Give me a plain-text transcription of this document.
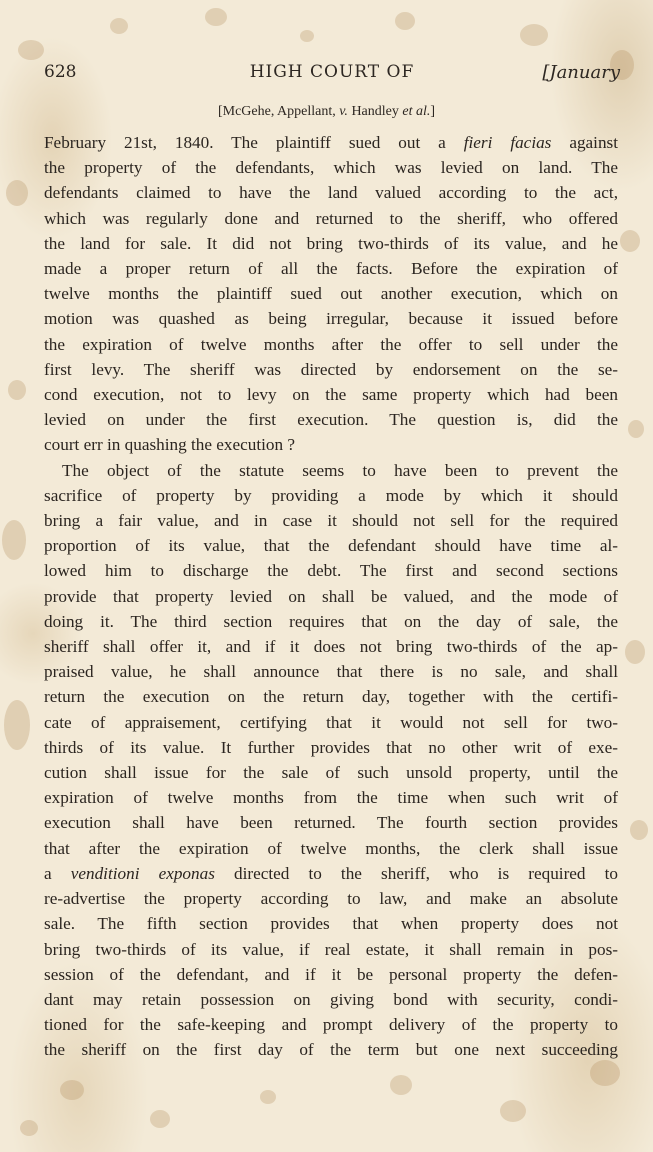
628	HIGH COURT OF	[January
[McGehe, Appellant, v. Handley et al.]
February 21st, 1840. The plaintiff sued out a fieri facias against
the property of the defendants, which was levied on land. The
defendants claimed to have the land valued according to the act,
which was regularly done and returned to the sheriff, who offered
the land for sale. It did not bring two-thirds of its value, and he
made a proper return of all the facts. Before the expiration of
twelve months the plaintiff sued out another execution, which on
motion was quashed as being irregular, because it issued before
the expiration of twelve months after the offer to sell under the
first levy. The sheriff was directed by endorsement on the se-
cond execution, not to levy on the same property which had been
levied on under the first execution. The question is, did the
court err in quashing the execution ?
The object of the statute seems to have been to prevent the
sacrifice of property by providing a mode by which it should
bring a fair value, and in case it should not sell for the required
proportion of its value, that the defendant should have time al-
lowed him to discharge the debt. The first and second sections
provide that property levied on shall be valued, and the mode of
doing it. The third section requires that on the day of sale, the
sheriff shall offer it, and if it does not bring two-thirds of the ap-
praised value, he shall announce that there is no sale, and shall
return the execution on the return day, together with the certifi-
cate of appraisement, certifying that it would not sell for two-
thirds of its value. It further provides that no other writ of exe-
cution shall issue for the sale of such unsold property, until the
expiration of twelve months from the time when such writ of
execution shall have been returned. The fourth section provides
that after the expiration of twelve months, the clerk shall issue
a venditioni exponas directed to the sheriff, who is required to
re-advertise the property according to law, and make an absolute
sale. The fifth section provides that when property does not
bring two-thirds of its value, if real estate, it shall remain in pos-
session of the defendant, and if it be personal property the defen-
dant may retain possession on giving bond with security, condi-
tioned for the safe-keeping and prompt delivery of the property to
the sheriff on the first day of the term but one next succeeding
